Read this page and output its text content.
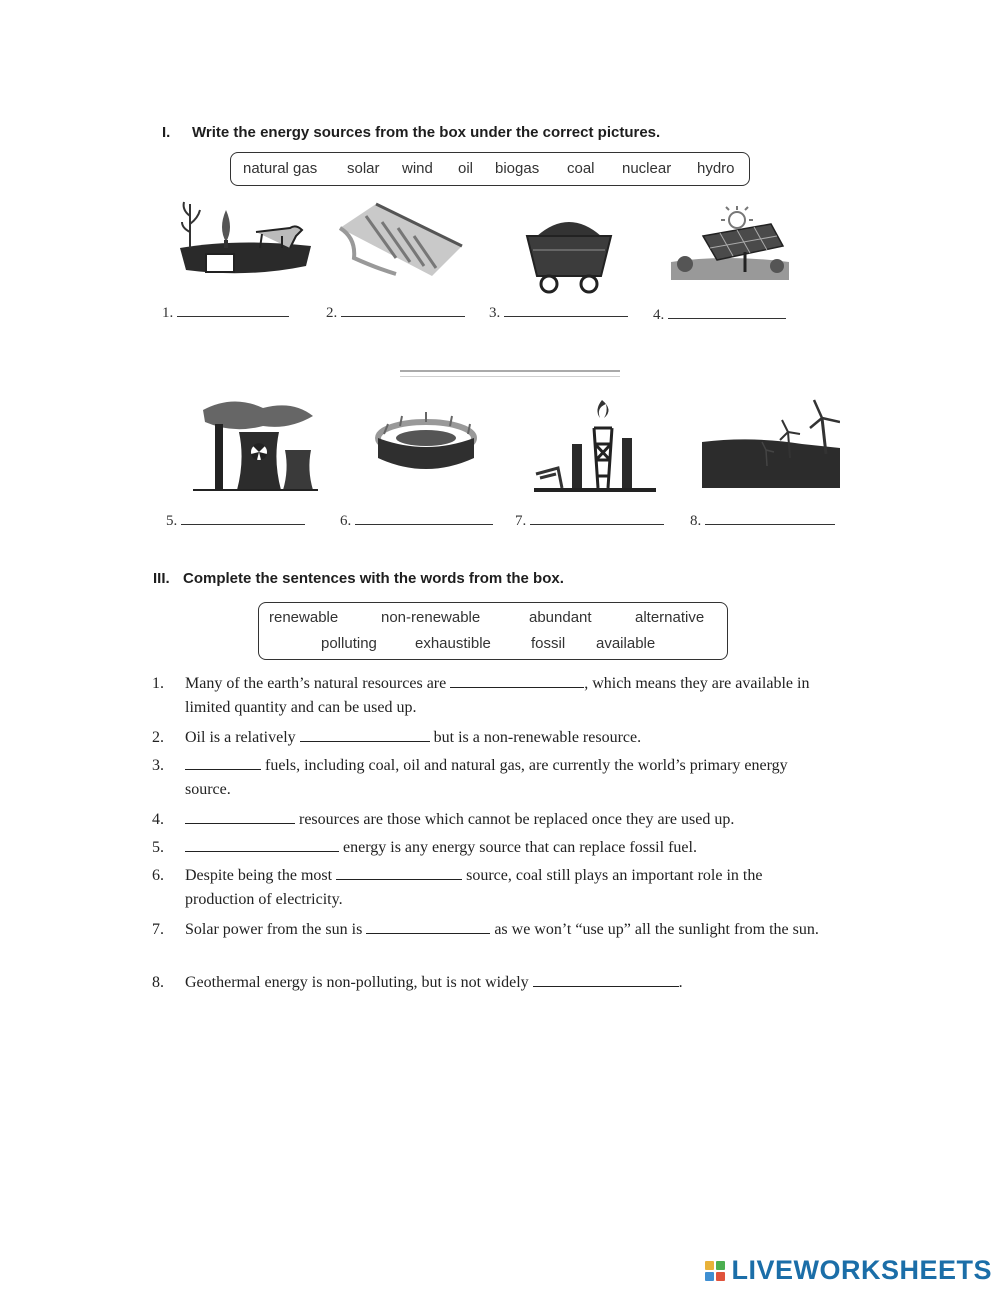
I. Write the energy sources from the box under the correct pictures.
natural gas solar wind oil biogas coal nuclear hydro
1.	2.	3.	4.
5.	6.	7.	8.
III. Complete the sentences with the words from the box.
renewable	non-renewable	abundant	alternative
polluting	exhaustible	fossil available
1.	Many of the earth’s natural resources are	, which means they are available in limited quantity and can be used up.
2.	Oil is a relatively	but is a non-renewable resource.
3.	fuels, including coal, oil and natural gas, are currently the world’s primary energy source.
4.	resources are those which cannot be replaced once they are used up.
5.	energy is any energy source that can replace fossil fuel.
6.	Despite being the most	source, coal still plays an important role in the production of electricity.
7.	Solar power from the sun is	as we won’t “use up” all the sunlight from the sun.
8.	Geothermal energy is non-polluting, but is not widely	.
LIVEWORKSHEETS
